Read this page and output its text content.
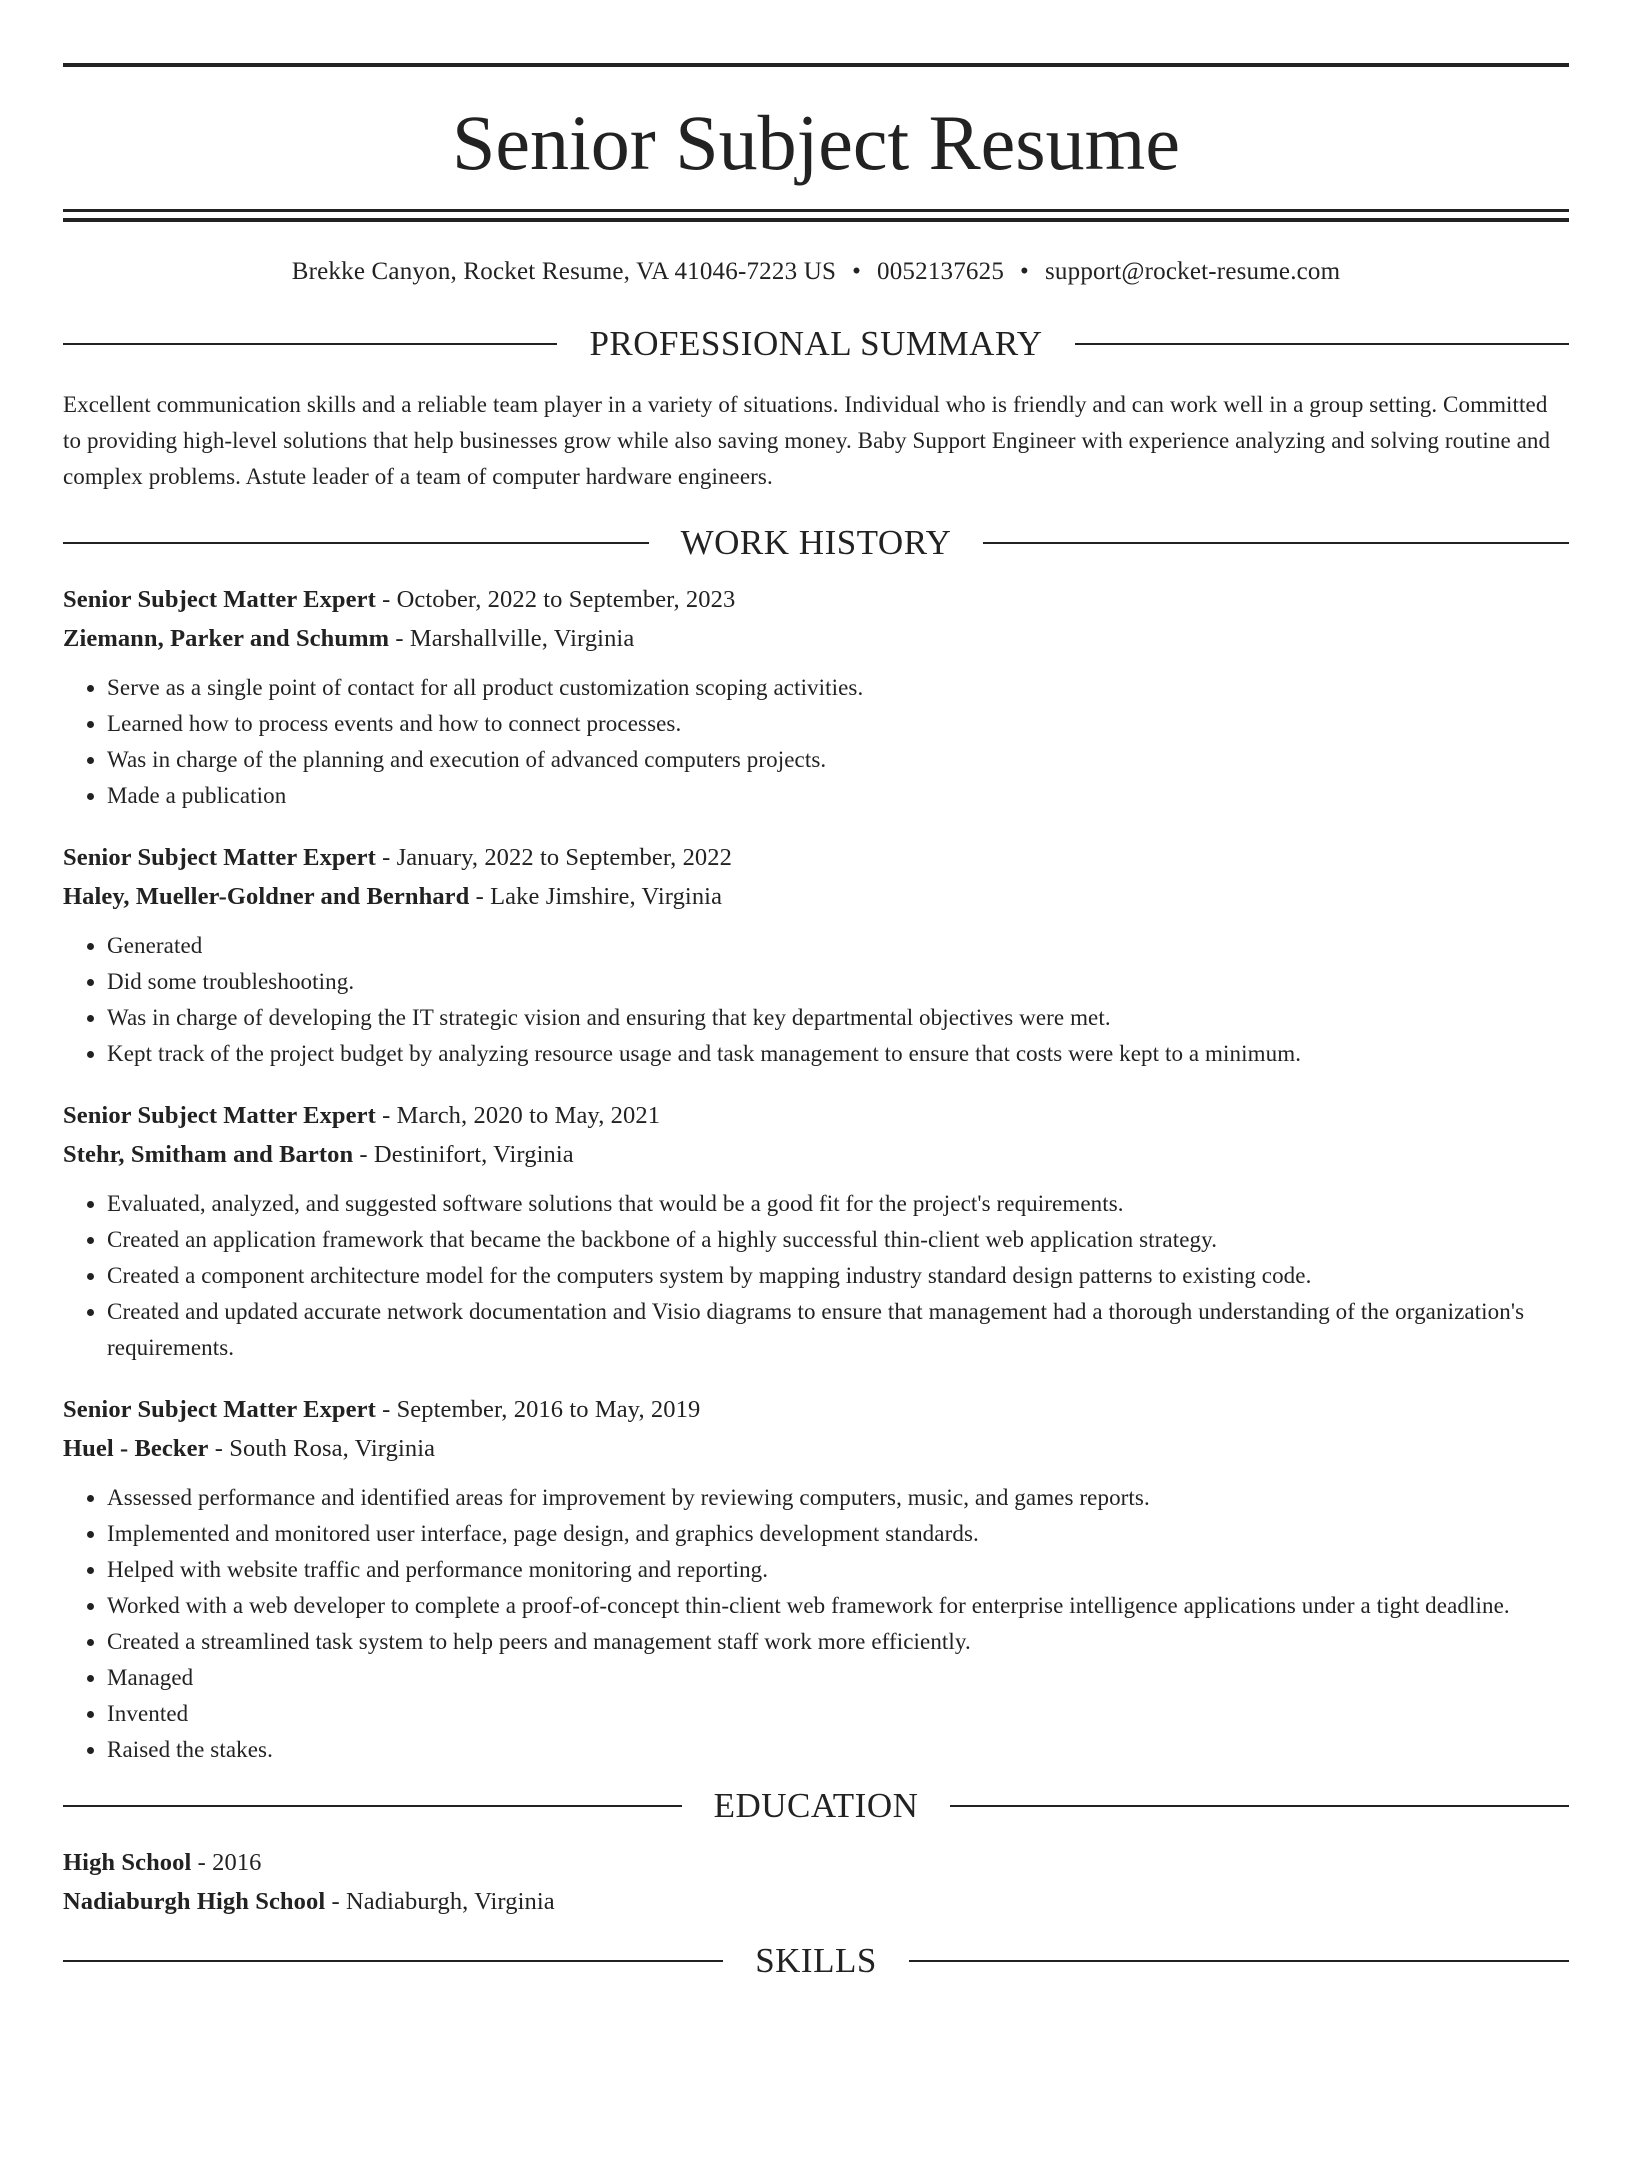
Senior Subject Resume
Brekke Canyon, Rocket Resume, VA 41046-7223 US • 0052137625 • support@rocket-resume.com
PROFESSIONAL SUMMARY
Excellent communication skills and a reliable team player in a variety of situations. Individual who is friendly and can work well in a group setting. Committed to providing high-level solutions that help businesses grow while also saving money. Baby Support Engineer with experience analyzing and solving routine and complex problems. Astute leader of a team of computer hardware engineers.
WORK HISTORY
Senior Subject Matter Expert - October, 2022 to September, 2023
Ziemann, Parker and Schumm - Marshallville, Virginia
• Serve as a single point of contact for all product customization scoping activities.
• Learned how to process events and how to connect processes.
• Was in charge of the planning and execution of advanced computers projects.
• Made a publication
Senior Subject Matter Expert - January, 2022 to September, 2022
Haley, Mueller-Goldner and Bernhard - Lake Jimshire, Virginia
• Generated
• Did some troubleshooting.
• Was in charge of developing the IT strategic vision and ensuring that key departmental objectives were met.
• Kept track of the project budget by analyzing resource usage and task management to ensure that costs were kept to a minimum.
Senior Subject Matter Expert - March, 2020 to May, 2021
Stehr, Smitham and Barton - Destinifort, Virginia
• Evaluated, analyzed, and suggested software solutions that would be a good fit for the project's requirements.
• Created an application framework that became the backbone of a highly successful thin-client web application strategy.
• Created a component architecture model for the computers system by mapping industry standard design patterns to existing code.
• Created and updated accurate network documentation and Visio diagrams to ensure that management had a thorough understanding of the organization's requirements.
Senior Subject Matter Expert - September, 2016 to May, 2019
Huel - Becker - South Rosa, Virginia
• Assessed performance and identified areas for improvement by reviewing computers, music, and games reports.
• Implemented and monitored user interface, page design, and graphics development standards.
• Helped with website traffic and performance monitoring and reporting.
• Worked with a web developer to complete a proof-of-concept thin-client web framework for enterprise intelligence applications under a tight deadline.
• Created a streamlined task system to help peers and management staff work more efficiently.
• Managed
• Invented
• Raised the stakes.
EDUCATION
High School - 2016
Nadiaburgh High School - Nadiaburgh, Virginia
SKILLS
